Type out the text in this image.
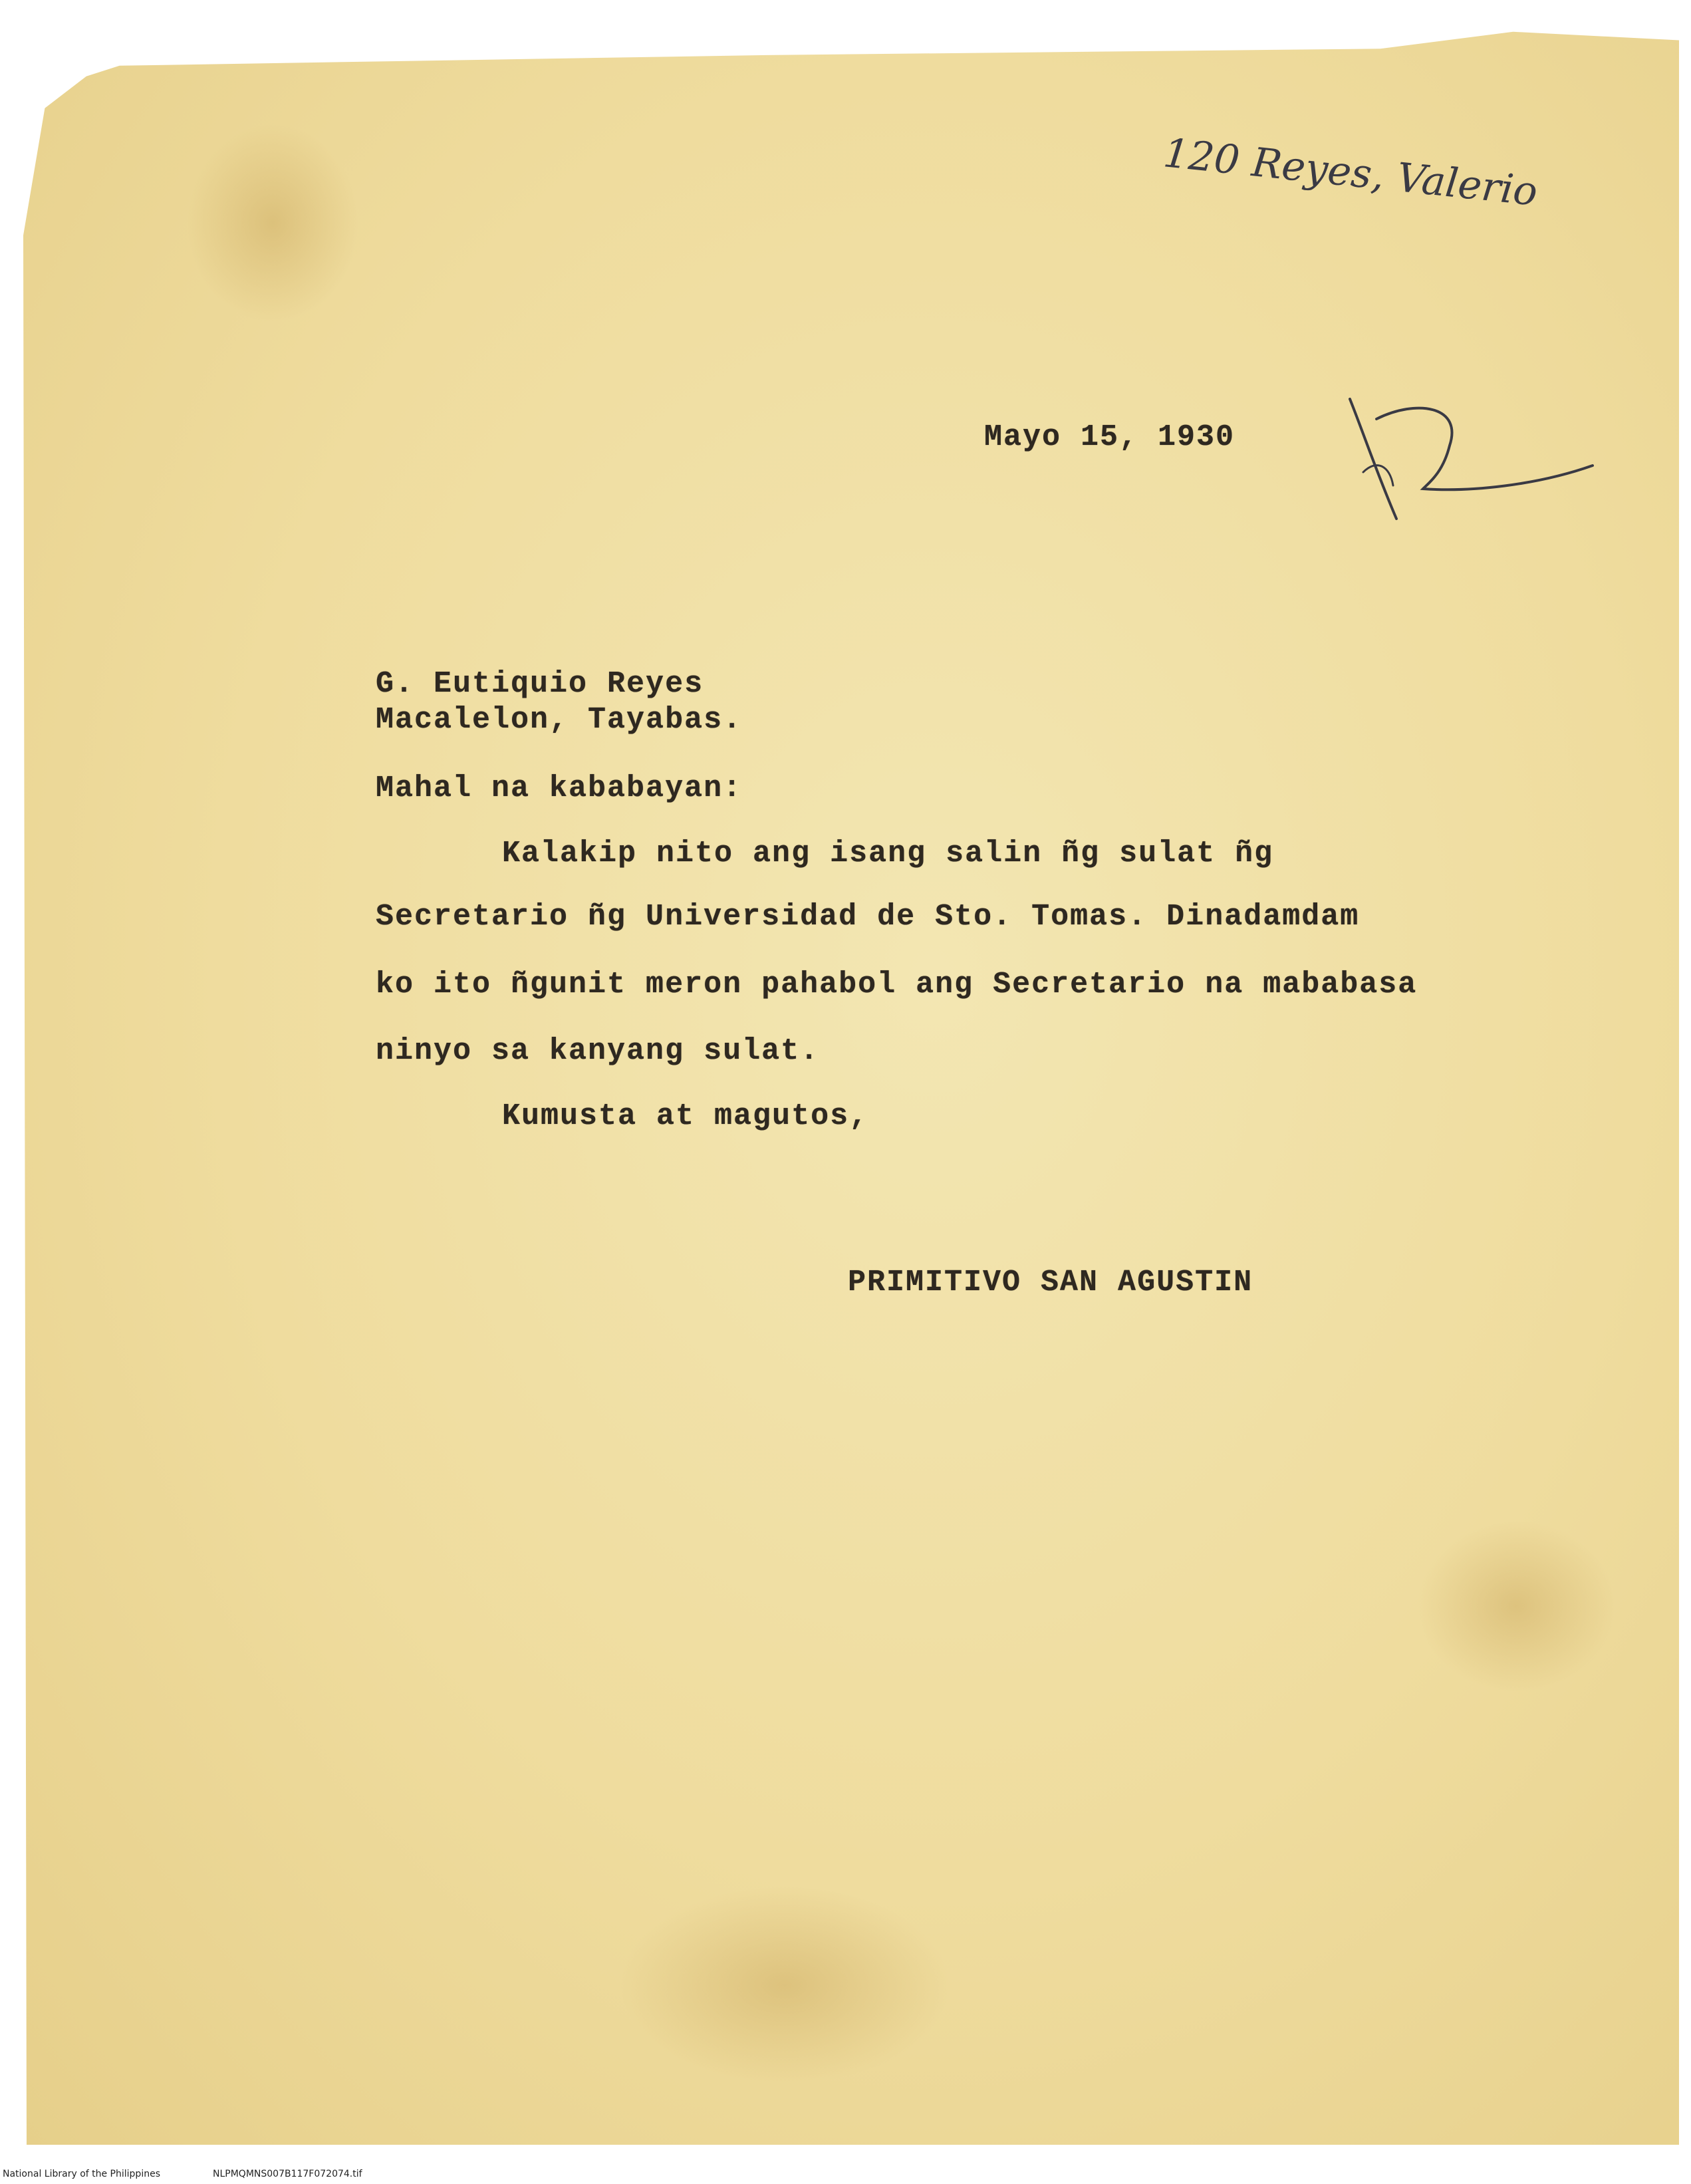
120 Reyes, Valerio
Mayo 15, 1930
G. Eutiquio Reyes
Macalelon, Tayabas.
Mahal na kababayan:
Kalakip nito ang isang salin ñg sulat ñg
Secretario ñg Universidad de Sto. Tomas. Dinadamdam
ko ito ñgunit meron pahabol ang Secretario na mababasa
ninyo sa kanyang sulat.
Kumusta at magutos,
PRIMITIVO SAN AGUSTIN
National Library of the Philippines	NLPMQMNS007B117F072074.tif
